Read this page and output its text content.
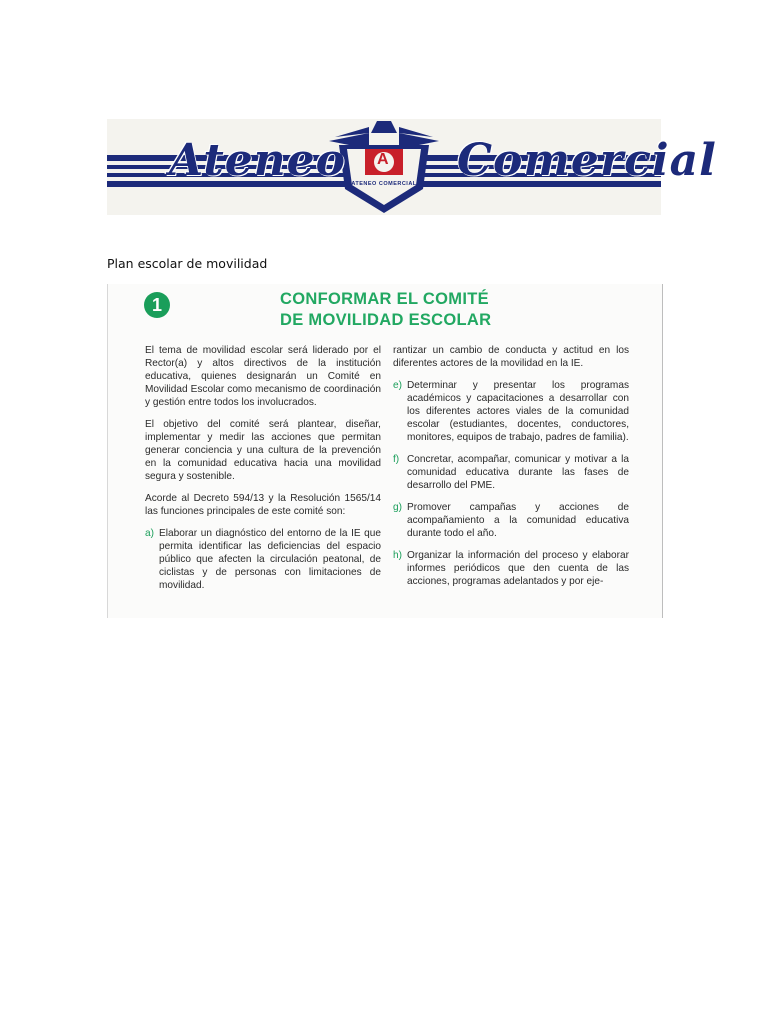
Ateneo	Comercial
A
ATENEO COMERCIAL
Plan escolar de movilidad
1	CONFORMAR EL COMITÉ
DE MOVILIDAD ESCOLAR

El tema de movilidad escolar será liderado por el Rector(a) y altos directivos de la institución educativa, quienes designarán un Comité en Movilidad Escolar como mecanismo de coordinación y gestión entre todos los involucrados.

El objetivo del comité será plantear, diseñar, implementar y medir las acciones que permitan generar conciencia y una cultura de la prevención en la comunidad educativa hacia una movilidad segura y sostenible.

Acorde al Decreto 594/13 y la Resolución 1565/14 las funciones principales de este comité son:

a) Elaborar un diagnóstico del entorno de la IE que permita identificar las deficiencias del espacio público que afecten la circulación peatonal, de ciclistas y de personas con limitaciones de movilidad.

rantizar un cambio de conducta y actitud en los diferentes actores de la movilidad en la IE.

e) Determinar y presentar los programas académicos y capacitaciones a desarrollar con los diferentes actores viales de la comunidad escolar (estudiantes, docentes, conductores, monitores, equipos de trabajo, padres de familia).
f) Concretar, acompañar, comunicar y motivar a la comunidad educativa durante las fases de desarrollo del PME.
g) Promover campañas y acciones de acompañamiento a la comunidad educativa durante todo el año.
h) Organizar la información del proceso y elaborar informes periódicos que den cuenta de las acciones, programas adelantados y por eje-
